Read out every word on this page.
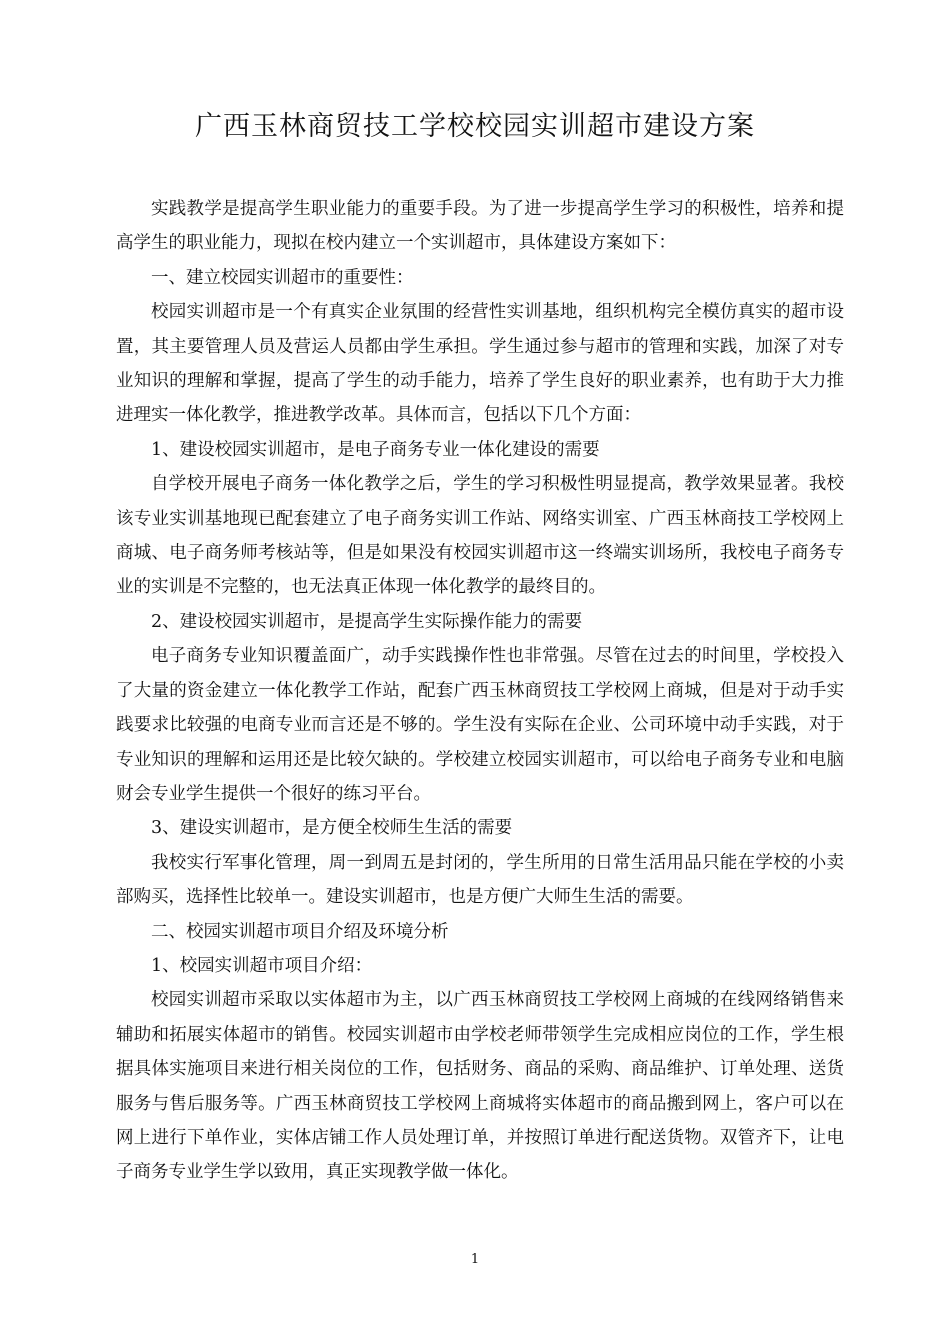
广西玉林商贸技工学校校园实训超市建设方案

实践教学是提高学生职业能力的重要手段。为了进一步提高学生学习的积极性，培养和提高学生的职业能力，现拟在校内建立一个实训超市，具体建设方案如下：

一、建立校园实训超市的重要性：

校园实训超市是一个有真实企业氛围的经营性实训基地，组织机构完全模仿真实的超市设置，其主要管理人员及营运人员都由学生承担。学生通过参与超市的管理和实践，加深了对专业知识的理解和掌握，提高了学生的动手能力，培养了学生良好的职业素养，也有助于大力推进理实一体化教学，推进教学改革。具体而言，包括以下几个方面：

1、建设校园实训超市，是电子商务专业一体化建设的需要

自学校开展电子商务一体化教学之后，学生的学习积极性明显提高，教学效果显著。我校该专业实训基地现已配套建立了电子商务实训工作站、网络实训室、广西玉林商技工学校网上商城、电子商务师考核站等，但是如果没有校园实训超市这一终端实训场所，我校电子商务专业的实训是不完整的，也无法真正体现一体化教学的最终目的。

2、建设校园实训超市，是提高学生实际操作能力的需要

电子商务专业知识覆盖面广，动手实践操作性也非常强。尽管在过去的时间里，学校投入了大量的资金建立一体化教学工作站，配套广西玉林商贸技工学校网上商城，但是对于动手实践要求比较强的电商专业而言还是不够的。学生没有实际在企业、公司环境中动手实践，对于专业知识的理解和运用还是比较欠缺的。学校建立校园实训超市，可以给电子商务专业和电脑财会专业学生提供一个很好的练习平台。

3、建设实训超市，是方便全校师生生活的需要

我校实行军事化管理，周一到周五是封闭的，学生所用的日常生活用品只能在学校的小卖部购买，选择性比较单一。建设实训超市，也是方便广大师生生活的需要。

二、校园实训超市项目介绍及环境分析

1、校园实训超市项目介绍：

校园实训超市采取以实体超市为主，以广西玉林商贸技工学校网上商城的在线网络销售来辅助和拓展实体超市的销售。校园实训超市由学校老师带领学生完成相应岗位的工作，学生根据具体实施项目来进行相关岗位的工作，包括财务、商品的采购、商品维护、订单处理、送货服务与售后服务等。广西玉林商贸技工学校网上商城将实体超市的商品搬到网上，客户可以在网上进行下单作业，实体店铺工作人员处理订单，并按照订单进行配送货物。双管齐下，让电子商务专业学生学以致用，真正实现教学做一体化。

1
